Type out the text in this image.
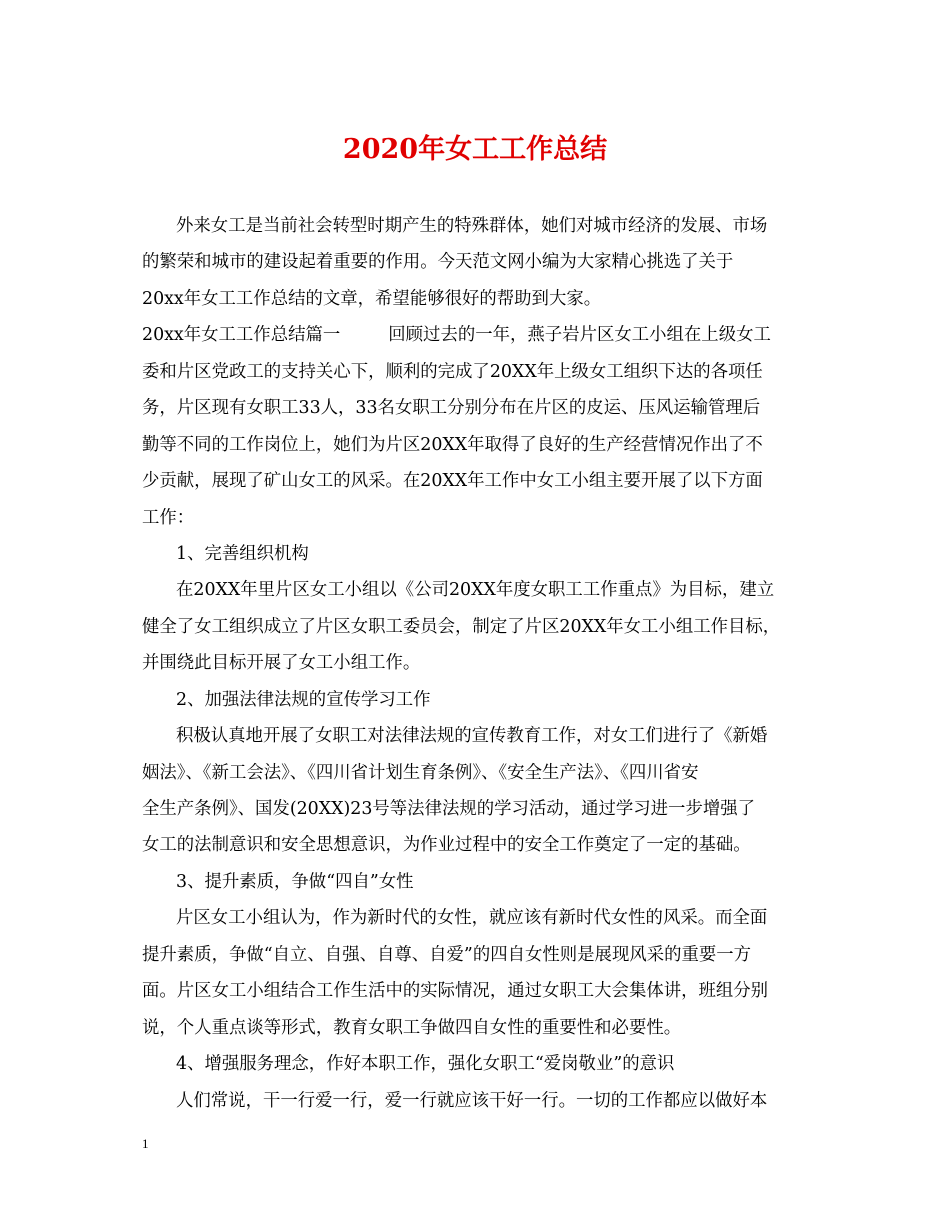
2020年女工工作总结
外来女工是当前社会转型时期产生的特殊群体，她们对城市经济的发展、市场
的繁荣和城市的建设起着重要的作用。今天范文网小编为大家精心挑选了关于
20xx年女工工作总结的文章，希望能够很好的帮助到大家。
20xx年女工工作总结篇一	回顾过去的一年，燕子岩片区女工小组在上级女工
委和片区党政工的支持关心下，顺利的完成了20XX年上级女工组织下达的各项任
务，片区现有女职工33人，33名女职工分别分布在片区的皮运、压风运输管理后
勤等不同的工作岗位上，她们为片区20XX年取得了良好的生产经营情况作出了不
少贡献，展现了矿山女工的风采。在20XX年工作中女工小组主要开展了以下方面
工作：
1、完善组织机构
在20XX年里片区女工小组以《公司20XX年度女职工工作重点》为目标，建立
健全了女工组织成立了片区女职工委员会，制定了片区20XX年女工小组工作目标，
并围绕此目标开展了女工小组工作。
2、加强法律法规的宣传学习工作
积极认真地开展了女职工对法律法规的宣传教育工作，对女工们进行了《新婚
姻法》、《新工会法》、《四川省计划生育条例》、《安全生产法》、《四川省安
全生产条例》、国发(20XX)23号等法律法规的学习活动，通过学习进一步增强了
女工的法制意识和安全思想意识，为作业过程中的安全工作奠定了一定的基础。
3、提升素质，争做“四自”女性
片区女工小组认为，作为新时代的女性，就应该有新时代女性的风采。而全面
提升素质，争做“自立、自强、自尊、自爱”的四自女性则是展现风采的重要一方
面。片区女工小组结合工作生活中的实际情况，通过女职工大会集体讲，班组分别
说，个人重点谈等形式，教育女职工争做四自女性的重要性和必要性。
4、增强服务理念，作好本职工作，强化女职工“爱岗敬业”的意识
人们常说，干一行爱一行，爱一行就应该干好一行。一切的工作都应以做好本
1
